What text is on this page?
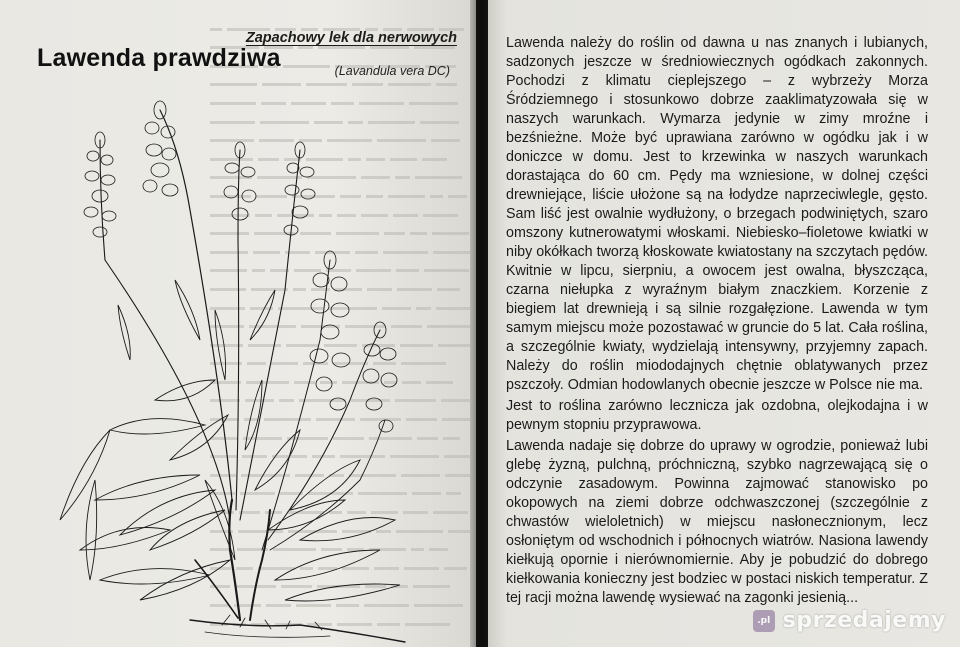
Zapachowy lek dla nerwowych
Lawenda prawdziwa	(Lavandula vera DC)

Lawenda należy do roślin od dawna u nas znanych i lubianych, sadzonych jeszcze w średniowiecznych ogódkach zakonnych. Pochodzi z klimatu cieplejszego – z wybrzeży Morza Śródziemnego i stosunkowo dobrze zaaklimatyzowała się w naszych warunkach. Wymarza jedynie w zimy mroźne i bezśnieżne. Może być uprawiana zarówno w ogódku jak i w doniczce w domu. Jest to krzewinka w naszych warunkach dorastająca do 60 cm. Pędy ma wzniesione, w dolnej części drewniejące, liście ułożone są na łodydze naprzeciwlegle, gęsto. Sam liść jest owalnie wydłużony, o brzegach podwiniętych, szaro omszony kutnerowatymi włoskami. Niebiesko–fioletowe kwiatki w niby okółkach tworzą kłoskowate kwiatostany na szczytach pędów. Kwitnie w lipcu, sierpniu, a owocem jest owalna, błyszcząca, czarna niełupka z wyraźnym białym znaczkiem. Korzenie z biegiem lat drewnieją i są silnie rozgałęzione. Lawenda w tym samym miejscu może pozostawać w gruncie do 5 lat. Cała roślina, a szczególnie kwiaty, wydzielają intensywny, przyjemny zapach. Należy do roślin miododajnych chętnie oblatywanych przez pszczoły. Odmian hodowlanych obecnie jeszcze w Polsce nie ma.

Jest to roślina zarówno lecznicza jak ozdobna, olejkodajna i w pewnym stopniu przyprawowa.

Lawenda nadaje się dobrze do uprawy w ogrodzie, ponieważ lubi glebę żyzną, pulchną, próchniczną, szybko nagrzewającą się o odczynie zasadowym. Powinna zajmować stanowisko po okopowych na ziemi dobrze odchwaszczonej (szczególnie z chwastów wieloletnich) w miejscu nasłonecznionym, lecz osłoniętym od wschodnich i północnych wiatrów. Nasiona lawendy kiełkują opornie i nierównomiernie. Aby je pobudzić do dobrego kiełkowania konieczny jest bodziec w postaci niskich temperatur. Z tej racji można lawendę wysiewać na zagonki jesienią...

.pl sprzedajemy
